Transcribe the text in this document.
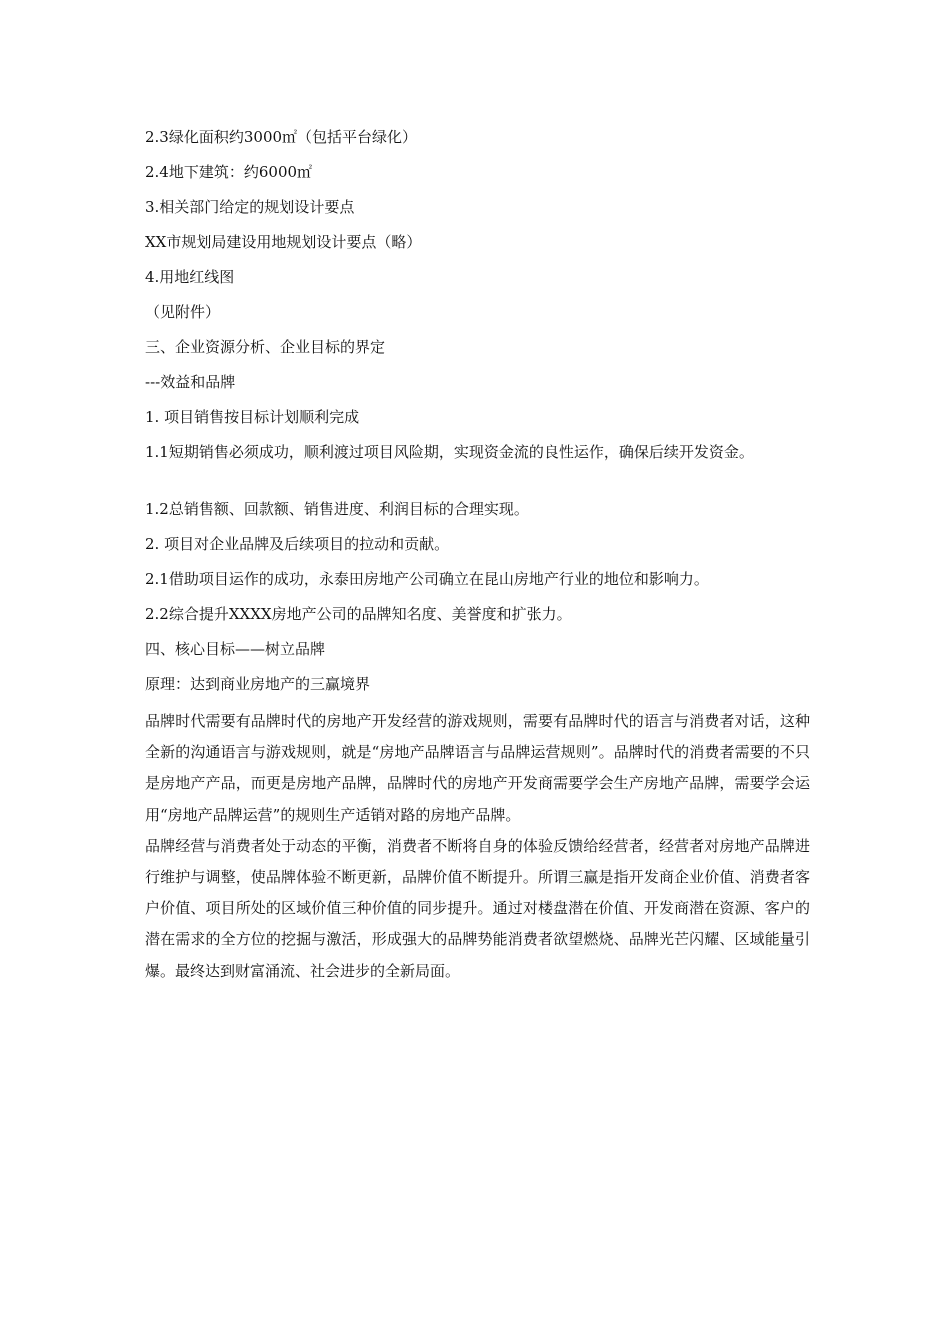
2.3绿化面积约3000㎡（包括平台绿化）

2.4地下建筑：约6000㎡

3.相关部门给定的规划设计要点

XX市规划局建设用地规划设计要点（略）

4.用地红线图

（见附件）

三、企业资源分析、企业目标的界定

---效益和品牌

1. 项目销售按目标计划顺利完成

1.1短期销售必须成功，顺利渡过项目风险期，实现资金流的良性运作，确保后续开发资金。

1.2总销售额、回款额、销售进度、利润目标的合理实现。

2. 项目对企业品牌及后续项目的拉动和贡献。

2.1借助项目运作的成功，永泰田房地产公司确立在昆山房地产行业的地位和影响力。

2.2综合提升XXXX房地产公司的品牌知名度、美誉度和扩张力。

四、核心目标——树立品牌

原理：达到商业房地产的三赢境界

品牌时代需要有品牌时代的房地产开发经营的游戏规则，需要有品牌时代的语言与消费者对话，这种全新的沟通语言与游戏规则，就是“房地产品牌语言与品牌运营规则”。品牌时代的消费者需要的不只是房地产产品，而更是房地产品牌，品牌时代的房地产开发商需要学会生产房地产品牌，需要学会运用“房地产品牌运营”的规则生产适销对路的房地产品牌。

品牌经营与消费者处于动态的平衡，消费者不断将自身的体验反馈给经营者，经营者对房地产品牌进行维护与调整，使品牌体验不断更新，品牌价值不断提升。所谓三赢是指开发商企业价值、消费者客户价值、项目所处的区域价值三种价值的同步提升。通过对楼盘潜在价值、开发商潜在资源、客户的潜在需求的全方位的挖掘与激活，形成强大的品牌势能消费者欲望燃烧、品牌光芒闪耀、区域能量引爆。最终达到财富涌流、社会进步的全新局面。
